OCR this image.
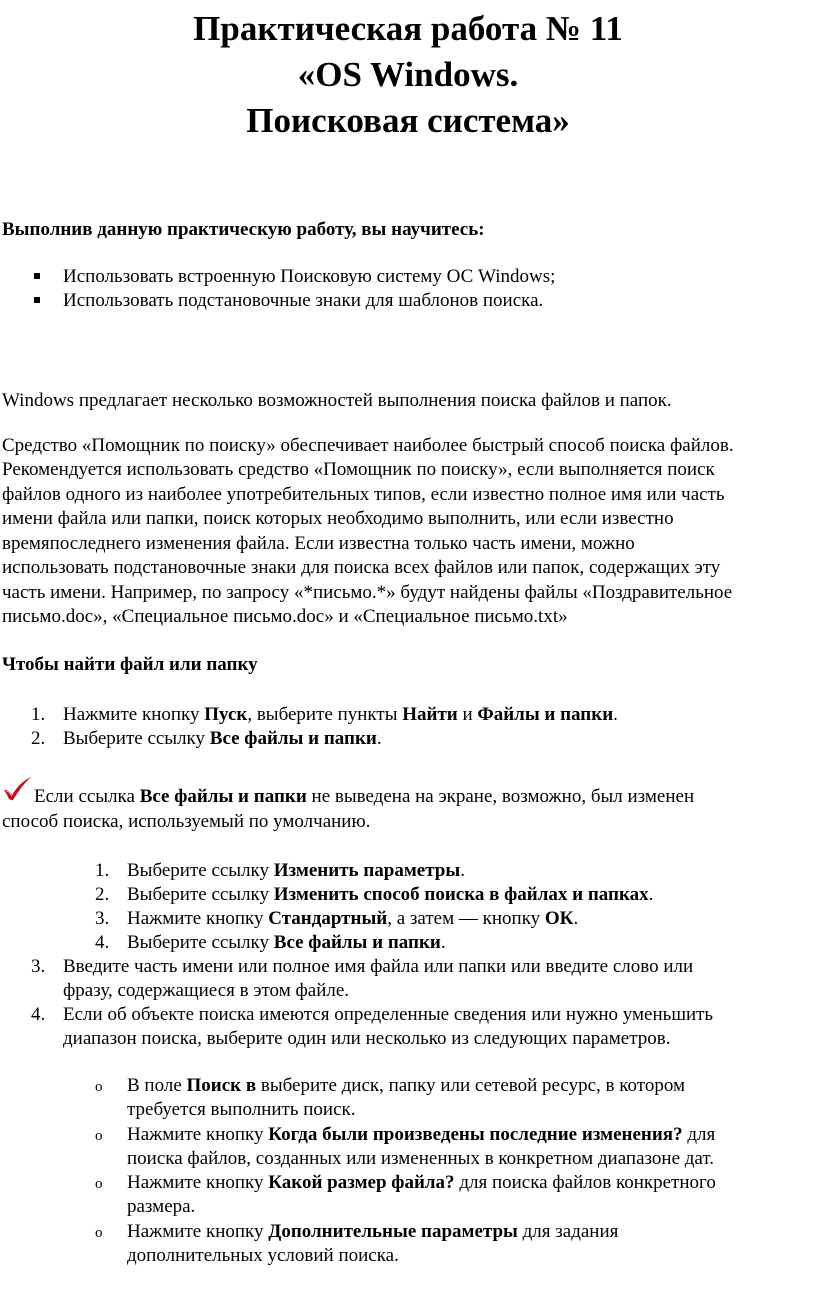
Практическая работа № 11
«OS Windows.
Поисковая система»

Выполнив данную практическую работу, вы научитесь:

Использовать встроенную Поисковую систему ОС Windows;

Использовать подстановочные знаки для шаблонов поиска.

Windows предлагает несколько возможностей выполнения поиска файлов и папок.

Средство «Помощник по поиску» обеспечивает наиболее быстрый способ поиска файлов.

Рекомендуется использовать средство «Помощник по поиску», если выполняется поиск

файлов одного из наиболее употребительных типов, если известно полное имя или часть

имени файла или папки, поиск которых необходимо выполнить, или если известно

времяпоследнего изменения файла. Если известна только часть имени, можно

использовать подстановочные знаки для поиска всех файлов или папок, содержащих эту

часть имени. Например, по запросу «*письмо.*» будут найдены файлы «Поздравительное

письмо.doc», «Специальное письмо.doc» и «Специальное письмо.txt»

Чтобы найти файл или папку

1. Нажмите кнопку Пуск, выберите пункты Найти и Файлы и папки.

2. Выберите ссылку Все файлы и папки.

Если ссылка Все файлы и папки не выведена на экране, возможно, был изменен

способ поиска, используемый по умолчанию.

1. Выберите ссылку Изменить параметры.

2. Выберите ссылку Изменить способ поиска в файлах и папках.

3. Нажмите кнопку Стандартный, а затем — кнопку ОК.

4. Выберите ссылку Все файлы и папки.

3. Введите часть имени или полное имя файла или папки или введите слово или

фразу, содержащиеся в этом файле.

4. Если об объекте поиска имеются определенные сведения или нужно уменьшить

диапазон поиска, выберите один или несколько из следующих параметров.

o В поле Поиск в выберите диск, папку или сетевой ресурс, в котором

требуется выполнить поиск.

o Нажмите кнопку Когда были произведены последние изменения? для

поиска файлов, созданных или измененных в конкретном диапазоне дат.

o Нажмите кнопку Какой размер файла? для поиска файлов конкретного

размера.

o Нажмите кнопку Дополнительные параметры для задания

дополнительных условий поиска.
